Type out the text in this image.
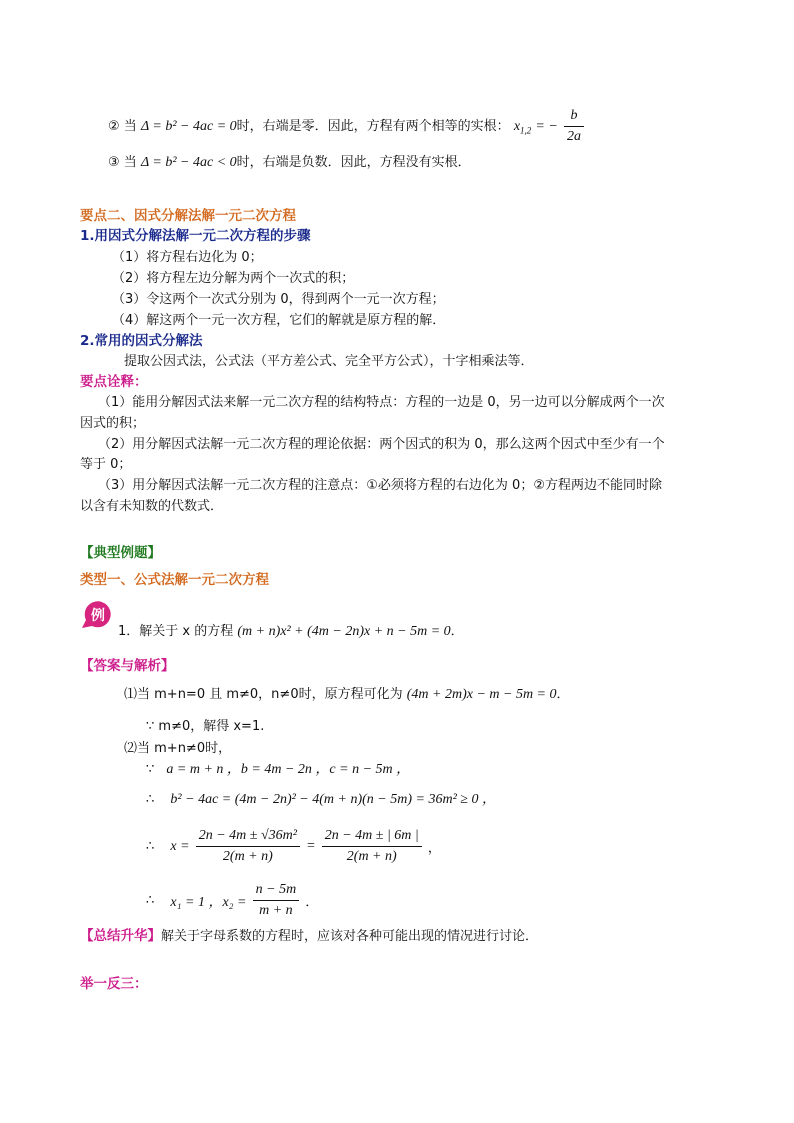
② 当 Δ = b² − 4ac = 0时，右端是零．因此，方程有两个相等的实根： $x_{1,2}$ = − $\frac{b}{2a}$
③ 当 Δ = b² − 4ac < 0时，右端是负数．因此，方程没有实根．
要点二、因式分解法解一元二次方程
1.用因式分解法解一元二次方程的步骤
（1）将方程右边化为 0；
（2）将方程左边分解为两个一次式的积；
（3）令这两个一次式分别为 0，得到两个一元一次方程；
（4）解这两个一元一次方程，它们的解就是原方程的解．
2.常用的因式分解法
提取公因式法，公式法（平方差公式、完全平方公式），十字相乘法等．
要点诠释：
（1）能用分解因式法来解一元二次方程的结构特点：方程的一边是 0，另一边可以分解成两个一次
因式的积；
（2）用分解因式法解一元二次方程的理论依据：两个因式的积为 0，那么这两个因式中至少有一个
等于 0；
（3）用分解因式法解一元二次方程的注意点：①必须将方程的右边化为 0；②方程两边不能同时除
以含有未知数的代数式．
【典型例题】
类型一、公式法解一元二次方程
例
1．解关于 x 的方程 (m + n)x² + (4m − 2n)x + n − 5m = 0．
【答案与解析】
⑴当 m+n=0 且 m≠0，n≠0时，原方程可化为 (4m + 2m)x − m − 5m = 0．
∵ m≠0，解得 x=1.
⑵当 m+n≠0时，
∵ a = m + n ，b = 4m − 2n ，c = n − 5m ，
∴ b² − 4ac = (4m − 2n)² − 4(m + n)(n − 5m) = 36m² ≥ 0 ，
∴ $x = \frac{\text{2n − 4m ± √36m²}}{2(m + n)} = \frac{2n - 4m \pm | 6m |}{2(m + n)}$ ，
∴ x₁ = 1 ，$x_2 = \frac{n - 5m}{m + n}$ ．
【总结升华】解关于字母系数的方程时，应该对各种可能出现的情况进行讨论．
举一反三：
